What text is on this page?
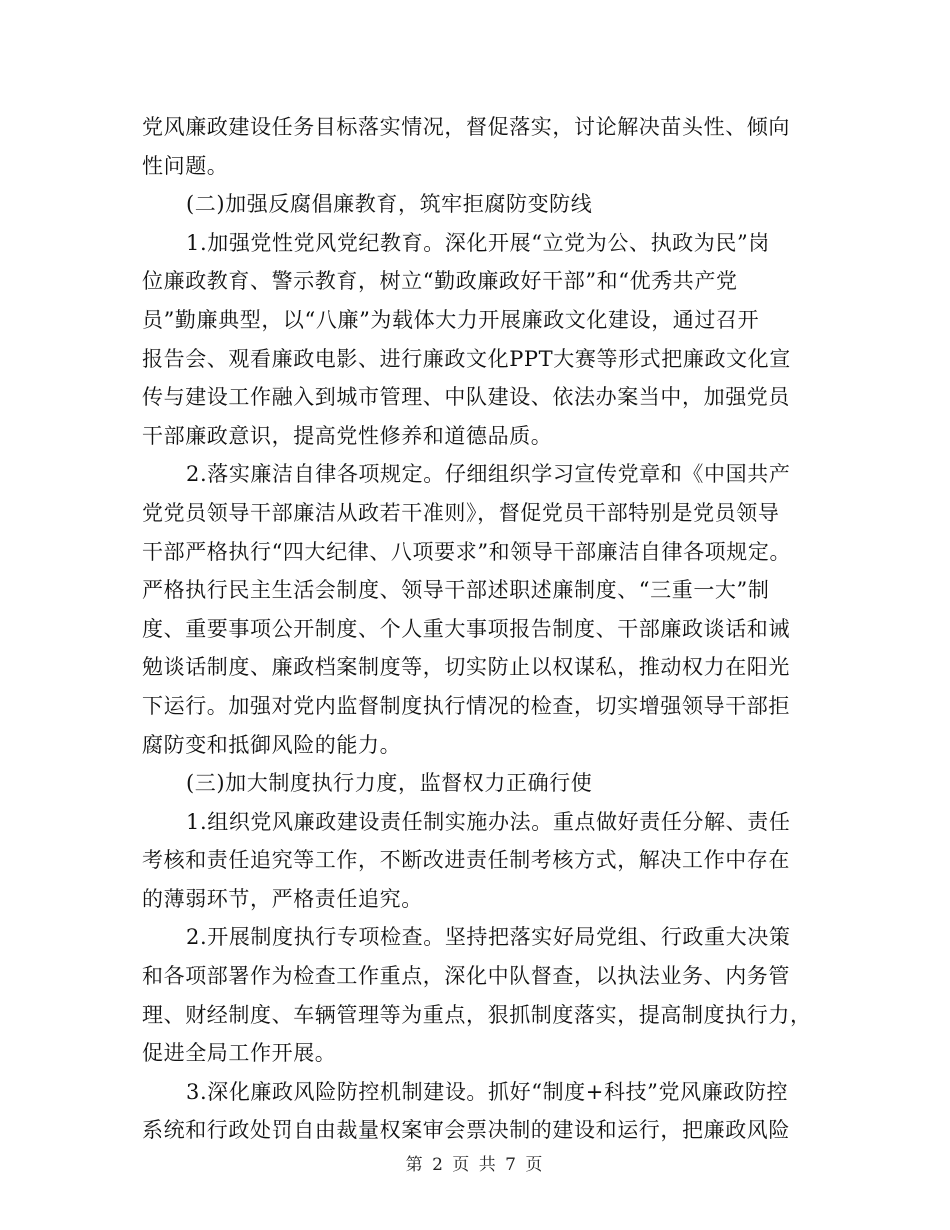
党风廉政建设任务目标落实情况，督促落实，讨论解决苗头性、倾向
性问题。
(二)加强反腐倡廉教育，筑牢拒腐防变防线
1.加强党性党风党纪教育。深化开展“立党为公、执政为民”岗
位廉政教育、警示教育，树立“勤政廉政好干部”和“优秀共产党
员”勤廉典型，以“八廉”为载体大力开展廉政文化建设，通过召开
报告会、观看廉政电影、进行廉政文化PPT大赛等形式把廉政文化宣
传与建设工作融入到城市管理、中队建设、依法办案当中，加强党员
干部廉政意识，提高党性修养和道德品质。
2.落实廉洁自律各项规定。仔细组织学习宣传党章和《中国共产
党党员领导干部廉洁从政若干准则》，督促党员干部特别是党员领导
干部严格执行“四大纪律、八项要求”和领导干部廉洁自律各项规定。
严格执行民主生活会制度、领导干部述职述廉制度、“三重一大”制
度、重要事项公开制度、个人重大事项报告制度、干部廉政谈话和诫
勉谈话制度、廉政档案制度等，切实防止以权谋私，推动权力在阳光
下运行。加强对党内监督制度执行情况的检查，切实增强领导干部拒
腐防变和抵御风险的能力。
(三)加大制度执行力度，监督权力正确行使
1.组织党风廉政建设责任制实施办法。重点做好责任分解、责任
考核和责任追究等工作，不断改进责任制考核方式，解决工作中存在
的薄弱环节，严格责任追究。
2.开展制度执行专项检查。坚持把落实好局党组、行政重大决策
和各项部署作为检查工作重点，深化中队督查，以执法业务、内务管
理、财经制度、车辆管理等为重点，狠抓制度落实，提高制度执行力，
促进全局工作开展。
3.深化廉政风险防控机制建设。抓好“制度+科技”党风廉政防控
系统和行政处罚自由裁量权案审会票决制的建设和运行，把廉政风险
第 2 页 共 7 页
